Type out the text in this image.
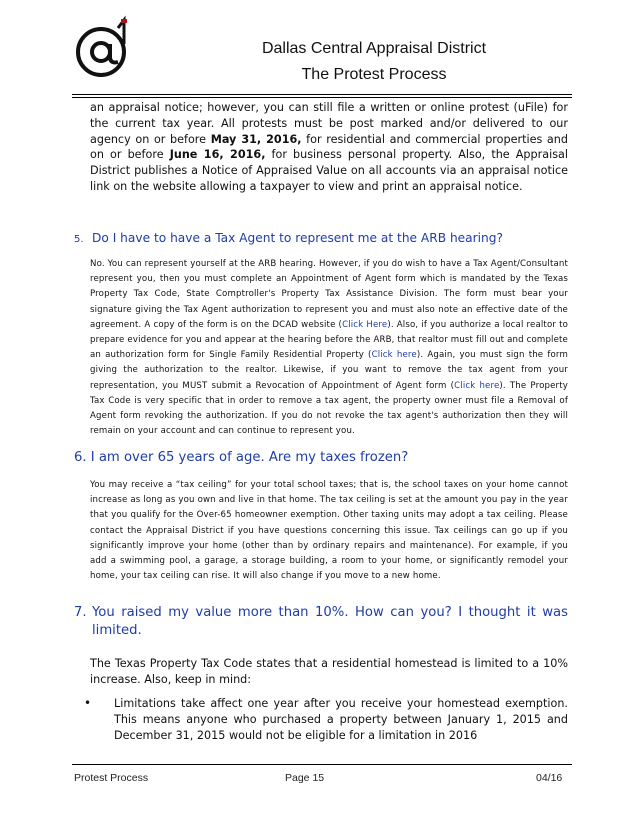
Dallas Central Appraisal District
The Protest Process

an appraisal notice; however, you can still file a written or online protest (uFile) for the current tax year. All protests must be post marked and/or delivered to our agency on or before May 31, 2016, for residential and commercial properties and on or before June 16, 2016, for business personal property. Also, the Appraisal District publishes a Notice of Appraised Value on all accounts via an appraisal notice link on the website allowing a taxpayer to view and print an appraisal notice.

5. Do I have to have a Tax Agent to represent me at the ARB hearing?

No. You can represent yourself at the ARB hearing. However, if you do wish to have a Tax Agent/Consultant represent you, then you must complete an Appointment of Agent form which is mandated by the Texas Property Tax Code, State Comptroller's Property Tax Assistance Division. The form must bear your signature giving the Tax Agent authorization to represent you and must also note an effective date of the agreement. A copy of the form is on the DCAD website (Click Here). Also, if you authorize a local realtor to prepare evidence for you and appear at the hearing before the ARB, that realtor must fill out and complete an authorization form for Single Family Residential Property (Click here). Again, you must sign the form giving the authorization to the realtor. Likewise, if you want to remove the tax agent from your representation, you MUST submit a Revocation of Appointment of Agent form (Click here). The Property Tax Code is very specific that in order to remove a tax agent, the property owner must file a Removal of Agent form revoking the authorization. If you do not revoke the tax agent's authorization then they will remain on your account and can continue to represent you.

6. I am over 65 years of age. Are my taxes frozen?

You may receive a “tax ceiling” for your total school taxes; that is, the school taxes on your home cannot increase as long as you own and live in that home. The tax ceiling is set at the amount you pay in the year that you qualify for the Over-65 homeowner exemption. Other taxing units may adopt a tax ceiling. Please contact the Appraisal District if you have questions concerning this issue. Tax ceilings can go up if you significantly improve your home (other than by ordinary repairs and maintenance). For example, if you add a swimming pool, a garage, a storage building, a room to your home, or significantly remodel your home, your tax ceiling can rise. It will also change if you move to a new home.

7. You raised my value more than 10%. How can you? I thought it was limited.

The Texas Property Tax Code states that a residential homestead is limited to a 10% increase. Also, keep in mind:

•	Limitations take affect one year after you receive your homestead exemption. This means anyone who purchased a property between January 1, 2015 and December 31, 2015 would not be eligible for a limitation in 2016
Protest Process	Page 15	04/16
